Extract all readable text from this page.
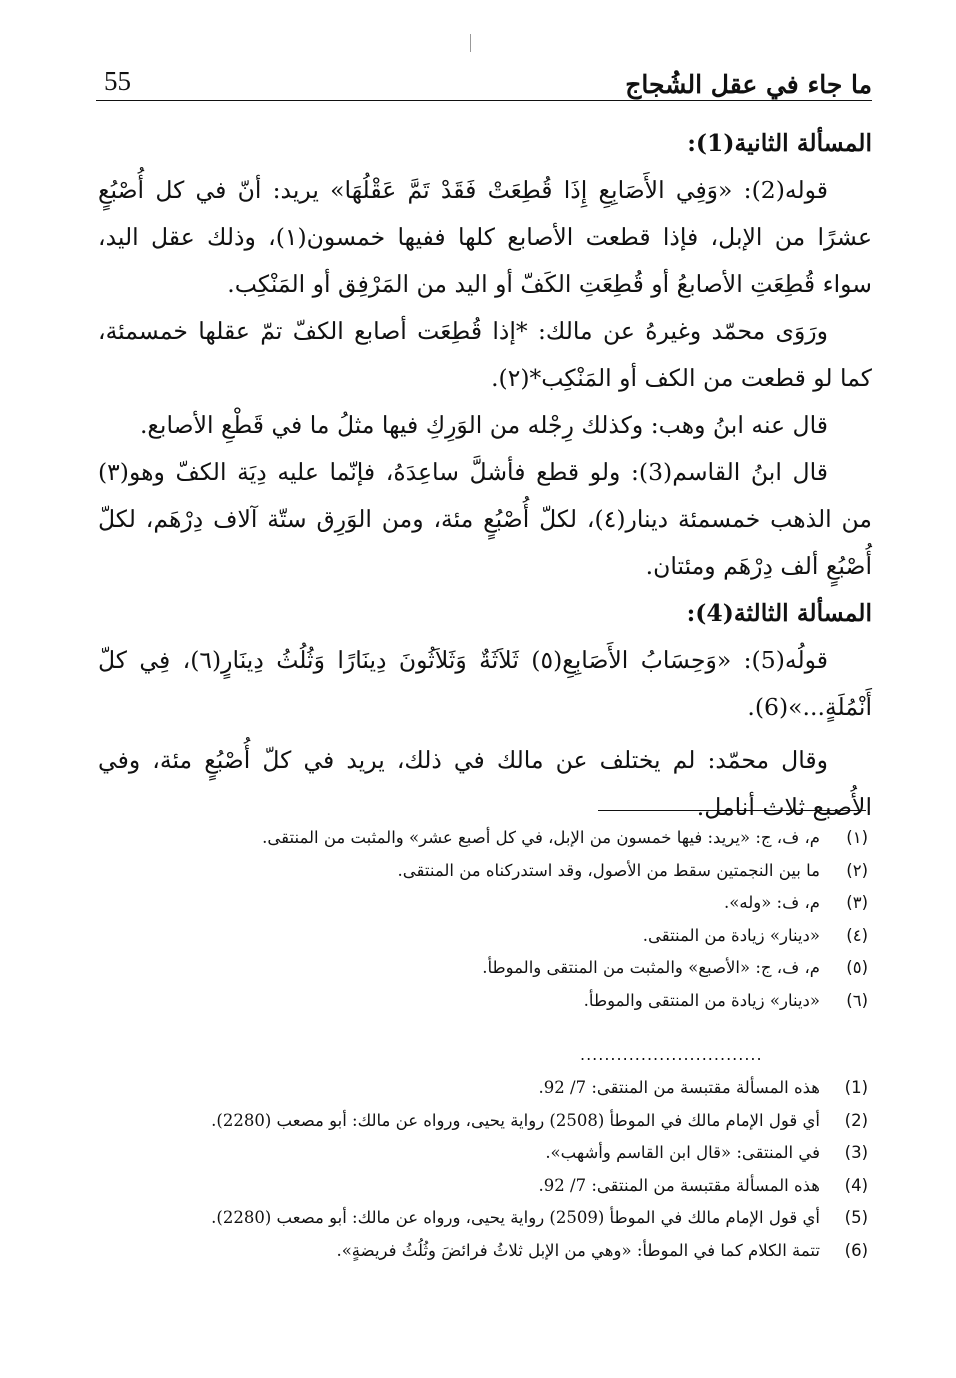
55	ما جاء في عقل الشُجاج

المسألة الثانية(1):

قوله(2): «وَفِي الأَصَابِعِ إِذَا قُطِعَتْ فَقَدْ تَمَّ عَقْلُهَا» يريد: أنّ في كل أُصْبُعٍ عشرًا من الإبل، فإذا قطعت الأصابع كلها ففيها خمسون(١)، وذلك عقل اليد، سواء قُطِعَتِ الأصابعُ أو قُطِعَتِ الكَفّ أو اليد من المَرْفِق أو المَنْكِب.

ورَوَى محمّد وغيرهُ عن مالك: *إذا قُطِعَت أصابع الكفّ تمّ عقلها خمسمئة، كما لو قطعت من الكف أو المَنْكِب*(٢).

قال عنه ابنُ وهب: وكذلك رِجْله من الوَرِكِ فيها مثلُ ما في قَطْعِ الأصابع.

قال ابنُ القاسم(3): ولو قطع فأشلَّ ساعِدَهُ، فإنّما عليه دِيَة الكفّ وهو(٣) من الذهب خمسمئة دينار(٤)، لكلّ أُصْبُعٍ مئة، ومن الوَرِق ستّة آلاف دِرْهَم، لكلّ أُصْبُعٍ ألف دِرْهَم ومئتان.

المسألة الثالثة(4):

قولُه(5): «وَحِسَابُ الأَصَابِعِ(٥) ثَلاَثَةٌ وَثَلاَثُونَ دِينَارًا وَثُلُثُ دِينَارٍ(٦)، فِي كلّ أَنْمُلَةٍ...»(6).

وقال محمّد: لم يختلف عن مالك في ذلك، يريد في كلّ أُصْبُعٍ مئة، وفي الأُصبع ثلاث أنامل.

(١)
م، ف، ج: «يريد: فيها خمسون من الإبل، في كل أصبع عشر» والمثبت من المنتقى.
(٢)
ما بين النجمتين سقط من الأصول، وقد استدركناه من المنتقى.
(٣)
م، ف: «وله».
(٤)
«دينار» زيادة من المنتقى.
(٥)
م، ف، ج: «الأصبع» والمثبت من المنتقى والموطأ.
(٦)
«دينار» زيادة من المنتقى والموطأ.
..............................
(1)
هذه المسألة مقتبسة من المنتقى: 7/ 92.
(2)
أي قول الإمام مالك في الموطأ (2508) رواية يحيى، ورواه عن مالك: أبو مصعب (2280).
(3)
في المنتقى: «قال ابن القاسم وأشهب».
(4)
هذه المسألة مقتبسة من المنتقى: 7/ 92.
(5)
أي قول الإمام مالك في الموطأ (2509) رواية يحيى، ورواه عن مالك: أبو مصعب (2280).
(6)
تتمة الكلام كما في الموطأ: «وهي من الإبل ثلاثُ فرائضَ وثُلُثُ فريضةٍ».
